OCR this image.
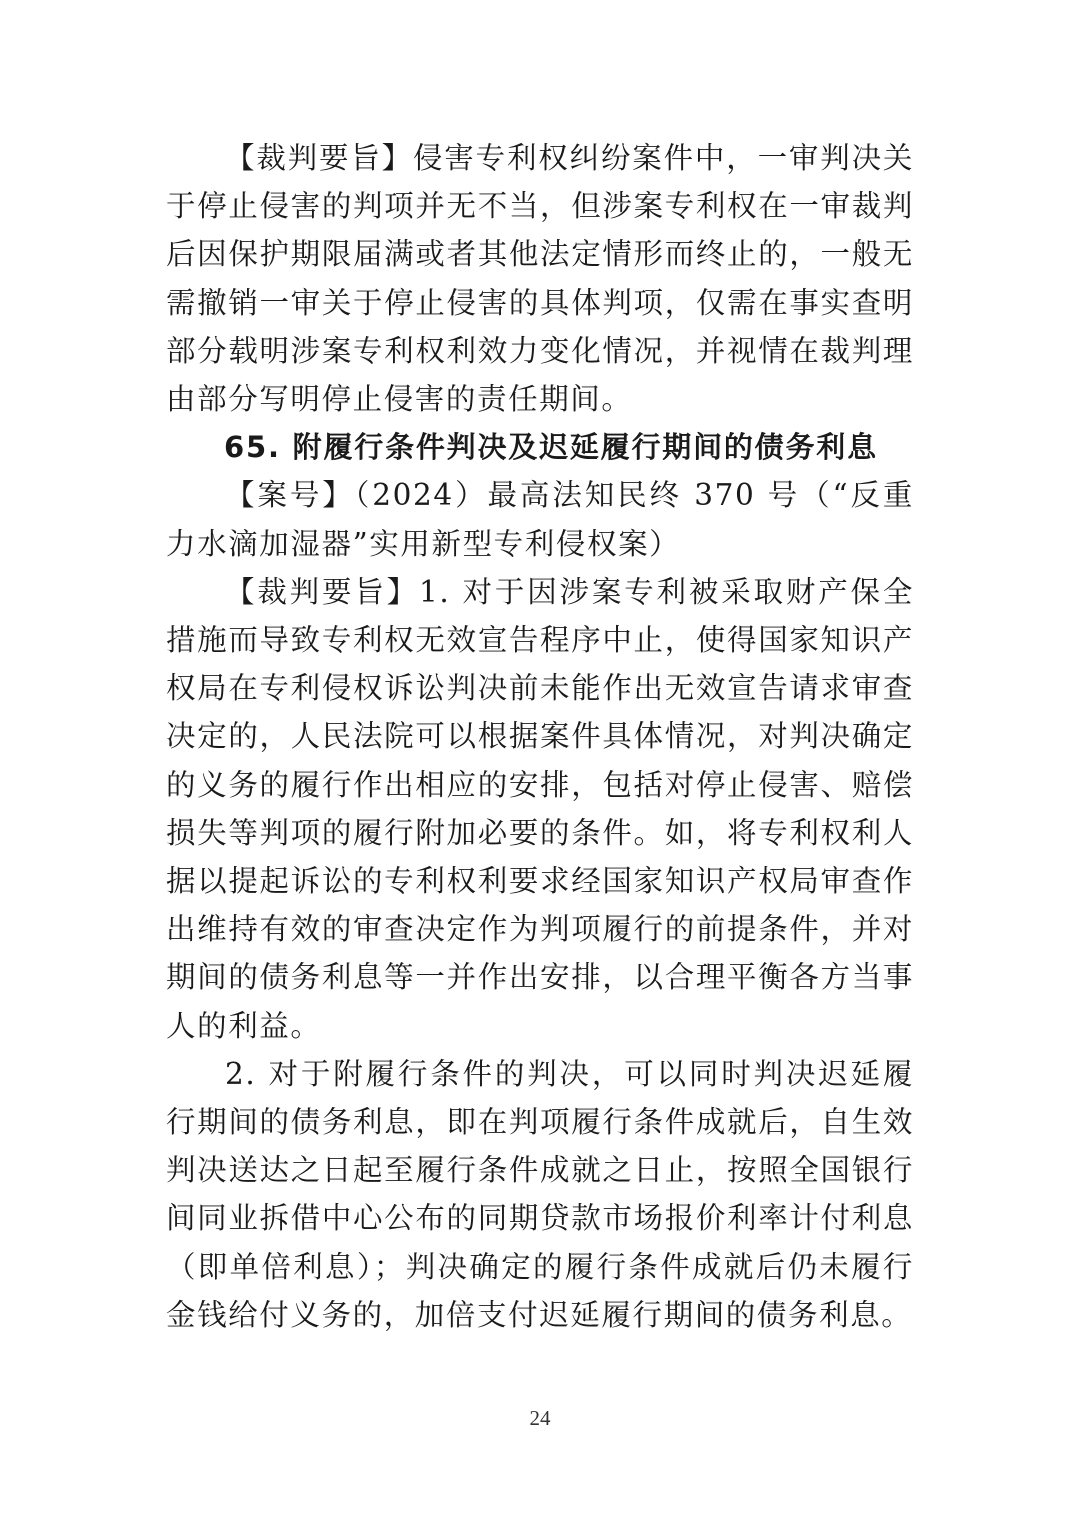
【裁判要旨】侵害专利权纠纷案件中，一审判决关于停止侵害的判项并无不当，但涉案专利权在一审裁判后因保护期限届满或者其他法定情形而终止的，一般无需撤销一审关于停止侵害的具体判项，仅需在事实查明部分载明涉案专利权利效力变化情况，并视情在裁判理由部分写明停止侵害的责任期间。

65. 附履行条件判决及迟延履行期间的债务利息

【案号】（2024）最高法知民终 370 号（“反重力水滴加湿器”实用新型专利侵权案）

【裁判要旨】1. 对于因涉案专利被采取财产保全措施而导致专利权无效宣告程序中止，使得国家知识产权局在专利侵权诉讼判决前未能作出无效宣告请求审查决定的，人民法院可以根据案件具体情况，对判决确定的义务的履行作出相应的安排，包括对停止侵害、赔偿损失等判项的履行附加必要的条件。如，将专利权利人据以提起诉讼的专利权利要求经国家知识产权局审查作出维持有效的审查决定作为判项履行的前提条件，并对期间的债务利息等一并作出安排，以合理平衡各方当事人的利益。

2. 对于附履行条件的判决，可以同时判决迟延履行期间的债务利息，即在判项履行条件成就后，自生效判决送达之日起至履行条件成就之日止，按照全国银行间同业拆借中心公布的同期贷款市场报价利率计付利息（即单倍利息）；判决确定的履行条件成就后仍未履行金钱给付义务的，加倍支付迟延履行期间的债务利息。

24
